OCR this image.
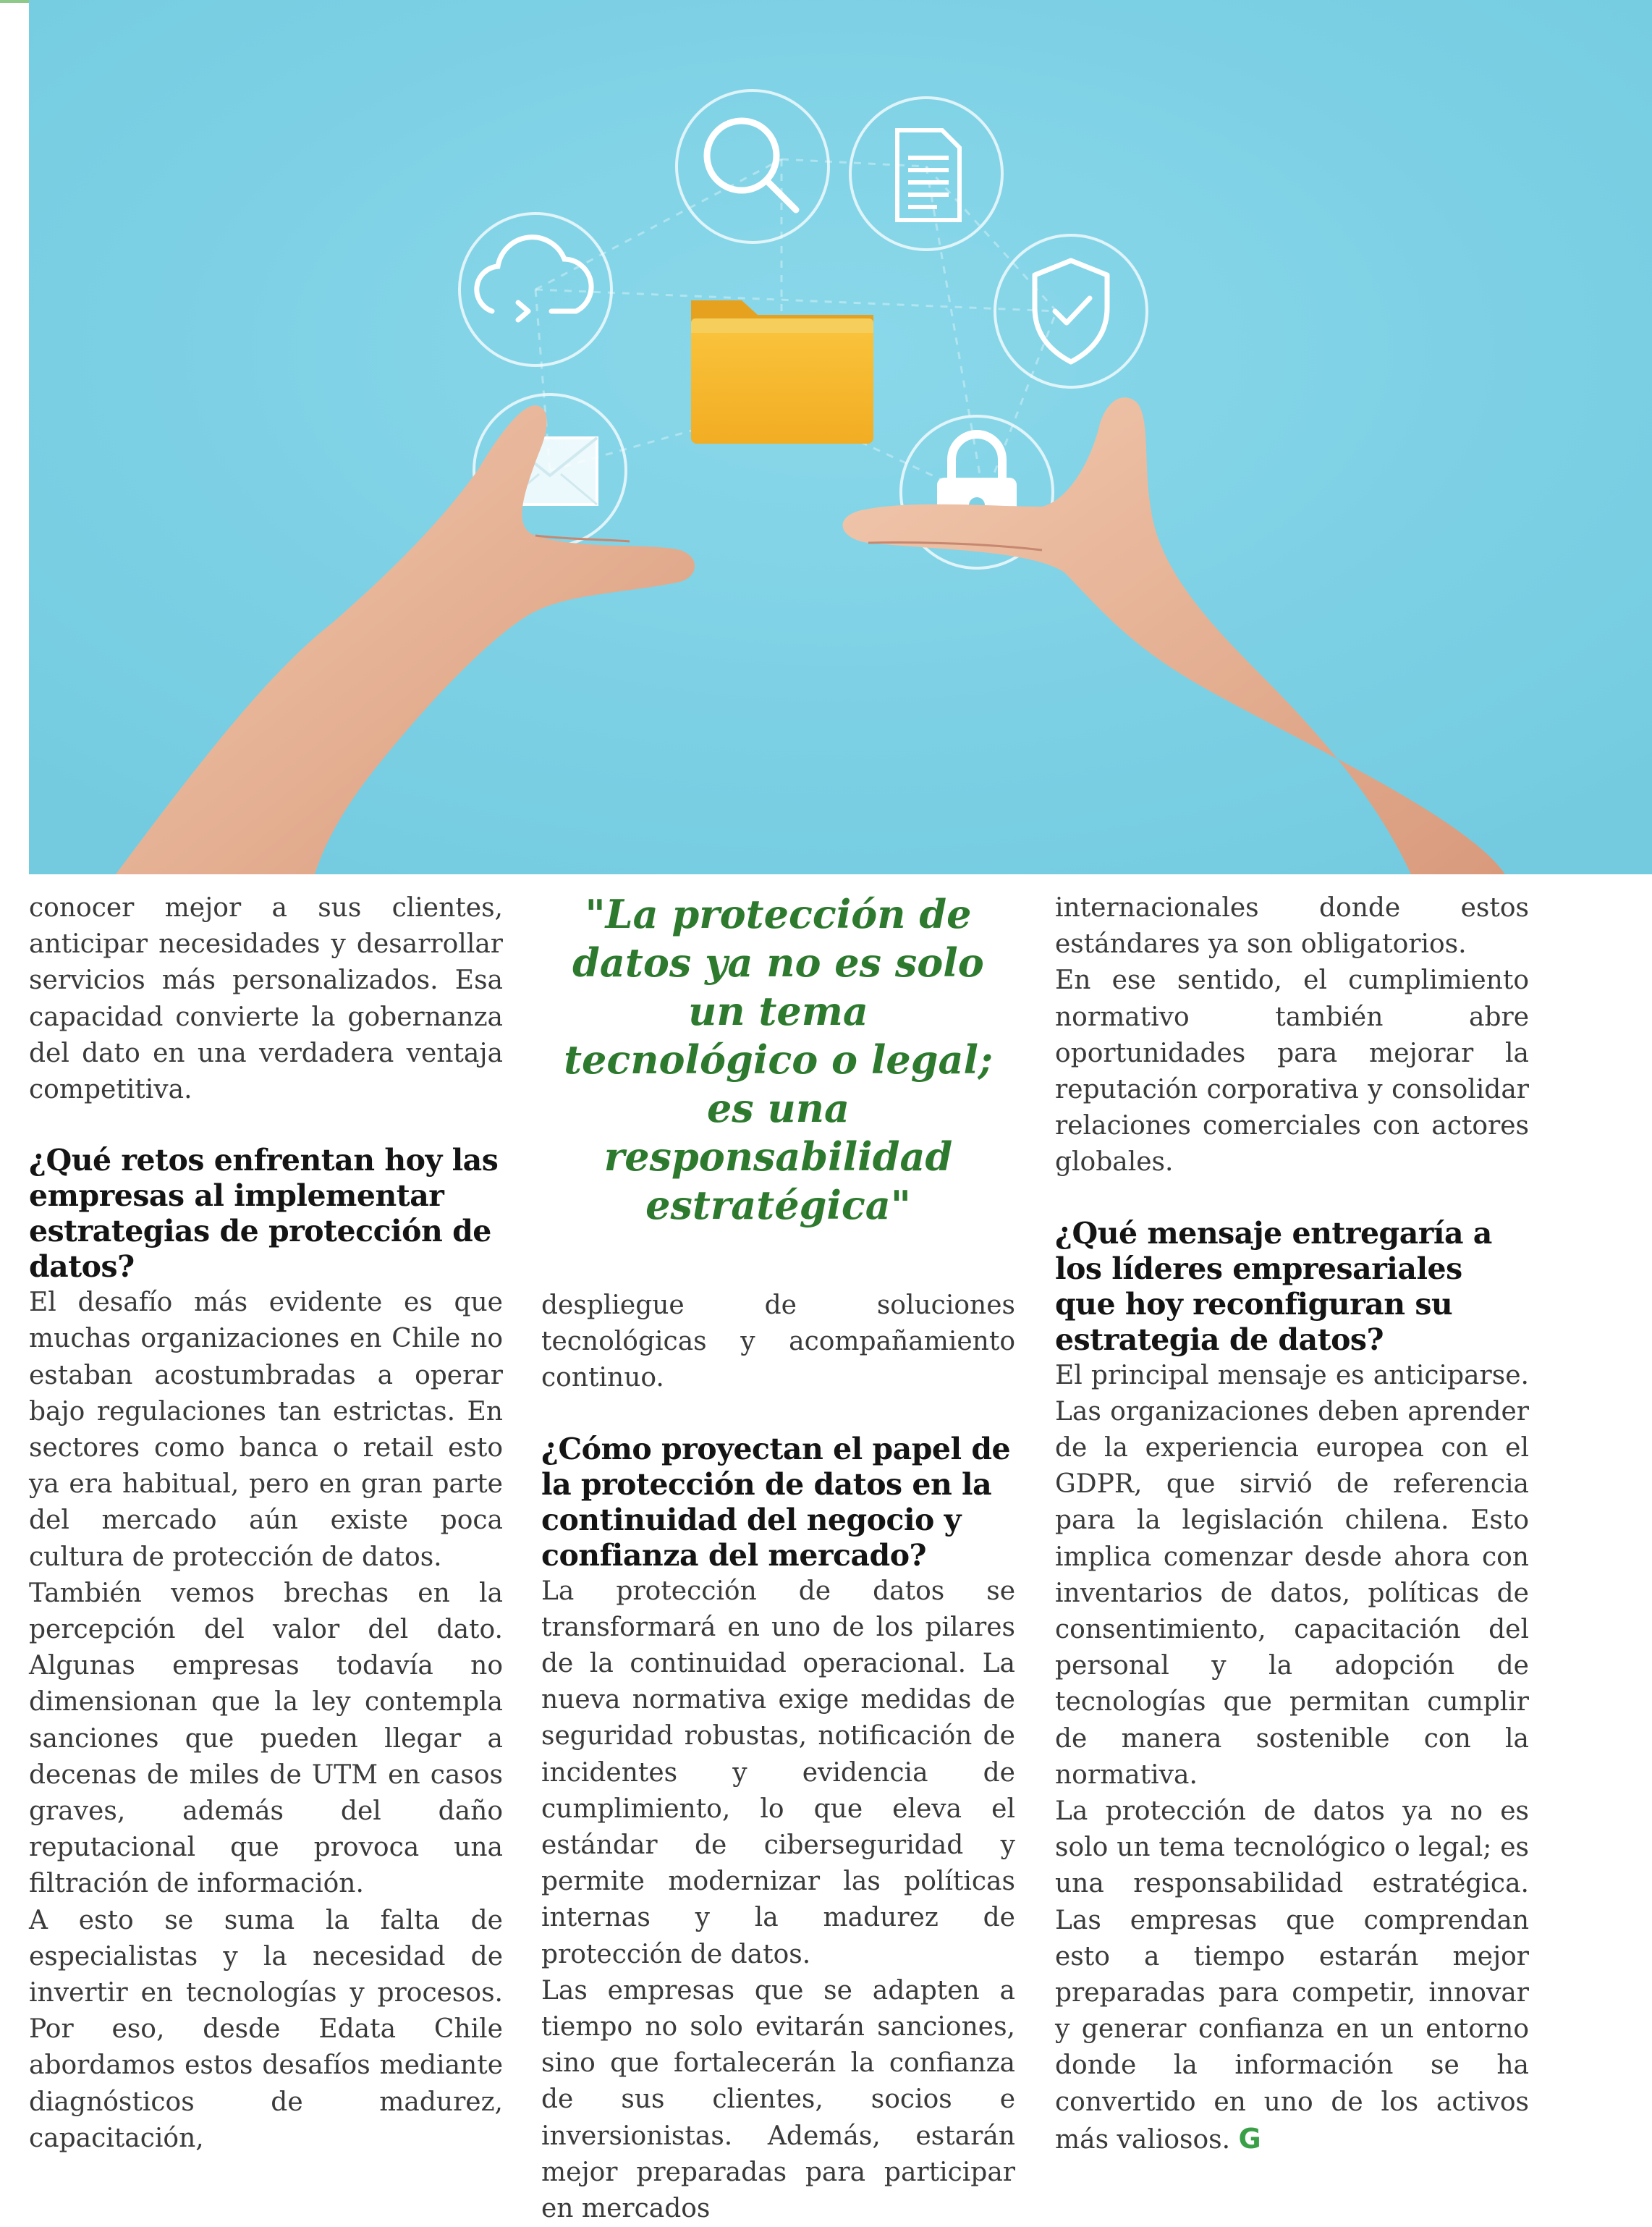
conocer mejor a sus clientes, anticipar necesidades y desarrollar servicios más personalizados. Esa capacidad convierte la gobernanza del dato en una verdadera ventaja competitiva.

¿Qué retos enfrentan hoy las empresas al implementar estrategias de protección de datos?

El desafío más evidente es que muchas organizaciones en Chile no estaban acostumbradas a operar bajo regulaciones tan estrictas. En sectores como banca o retail esto ya era habitual, pero en gran parte del mercado aún existe poca cultura de protección de datos.

También vemos brechas en la percepción del valor del dato. Algunas empresas todavía no dimensionan que la ley contempla sanciones que pueden llegar a decenas de miles de UTM en casos graves, además del daño reputacional que provoca una filtración de información.

A esto se suma la falta de especialistas y la necesidad de invertir en tecnologías y procesos. Por eso, desde Edata Chile abordamos estos desafíos mediante diagnósticos de madurez, capacitación,

"La protección de datos ya no es solo un tema tecnológico o legal; es una responsabilidad estratégica"

despliegue de soluciones tecnológicas y acompañamiento continuo.

¿Cómo proyectan el papel de la protección de datos en la continuidad del negocio y confianza del mercado?

La protección de datos se transformará en uno de los pilares de la continuidad operacional. La nueva normativa exige medidas de seguridad robustas, notificación de incidentes y evidencia de cumplimiento, lo que eleva el estándar de ciberseguridad y permite modernizar las políticas internas y la madurez de protección de datos.

Las empresas que se adapten a tiempo no solo evitarán sanciones, sino que fortalecerán la confianza de sus clientes, socios e inversionistas. Además, estarán mejor preparadas para participar en mercados

internacionales donde estos estándares ya son obligatorios.

En ese sentido, el cumplimiento normativo también abre oportunidades para mejorar la reputación corporativa y consolidar relaciones comerciales con actores globales.

¿Qué mensaje entregaría a los líderes empresariales que hoy reconfiguran su estrategia de datos?

El principal mensaje es anticiparse. Las organizaciones deben aprender de la experiencia europea con el GDPR, que sirvió de referencia para la legislación chilena. Esto implica comenzar desde ahora con inventarios de datos, políticas de consentimiento, capacitación del personal y la adopción de tecnologías que permitan cumplir de manera sostenible con la normativa.

La protección de datos ya no es solo un tema tecnológico o legal; es una responsabilidad estratégica. Las empresas que comprendan esto a tiempo estarán mejor preparadas para competir, innovar y generar confianza en un entorno donde la información se ha convertido en uno de los activos más valiosos. G
